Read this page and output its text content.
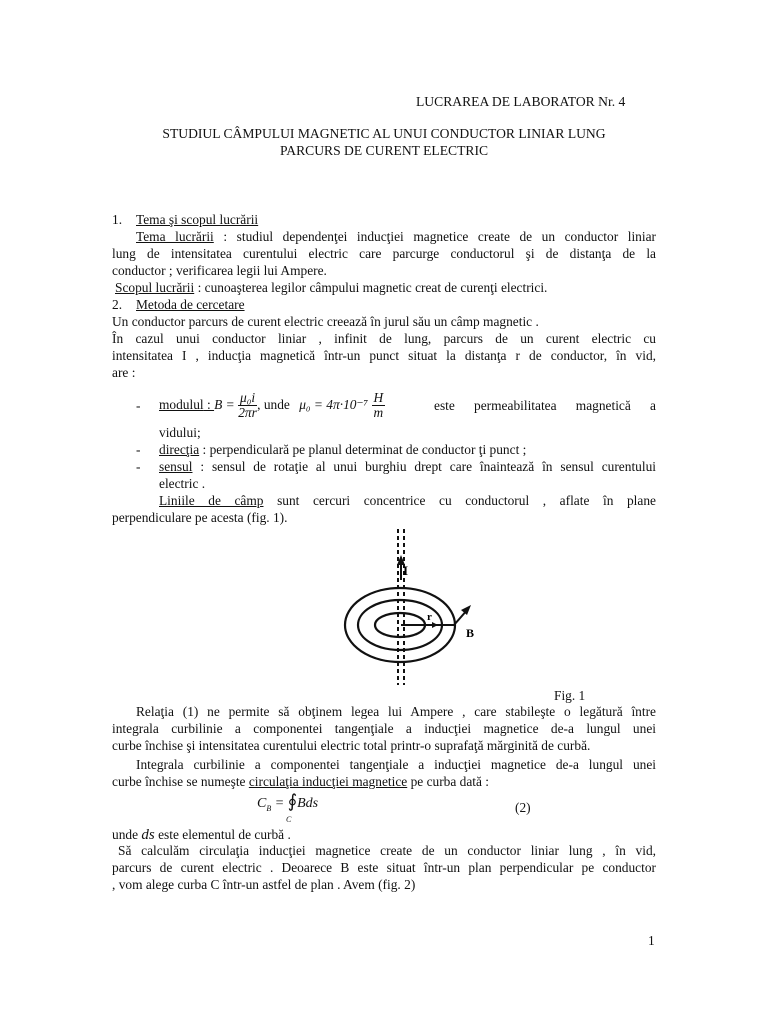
LUCRAREA DE LABORATOR Nr. 4
STUDIUL CÂMPULUI MAGNETIC AL UNUI CONDUCTOR LINIAR LUNG
PARCURS DE CURENT ELECTRIC
1. Tema şi scopul lucrării
Tema lucrării : studiul dependenţei inducţiei magnetice create de un conductor liniar
lung de intensitatea curentului electric care parcurge conductorul şi de distanţa de la
conductor ; verificarea legii lui Ampere.
Scopul lucrării : cunoaşterea legilor câmpului magnetic creat de curenţi electrici.
2. Metoda de cercetare
Un conductor parcurs de curent electric creează în jurul său un câmp magnetic .
În cazul unui conductor liniar , infinit de lung, parcurs de un curent electric cu
intensitatea I , inducţia magnetică într-un punct situat la distanţa r de conductor, în vid,
are :
- modulul : $B = \frac{\text{μ₀i}}{2\pi r}$ , unde $\mu_0 = 4\pi\cdot 10^{-7} \frac{H}{m}$	este permeabilitatea magnetică a
vidului;
- direcţia : perpendiculară pe planul determinat de conductor ţi punct ;
- sensul : sensul de rotaţie al unui burghiu drept care înaintează în sensul curentului
electric .
Liniile de câmp sunt cercuri concentrice cu conductorul , aflate în plane
perpendiculare pe acesta (fig. 1).
I
r
B
Fig. 1
Relaţia (1) ne permite să obţinem legea lui Ampere , care stabileşte o legătură între
integrala curbilinie a componentei tangenţiale a inducţiei magnetice de-a lungul unei
curbe închise şi intensitatea curentului electric total printr-o suprafaţă mărginită de curbă.
Integrala curbilinie a componentei tangenţiale a inducţiei magnetice de-a lungul unei
curbe închise se numeşte circulaţia inducţiei magnetice pe curba dată :
$C_B$ = ∮Bds
C
(2)
unde ds este elementul de curbă .
Să calculăm circulaţia inducţiei magnetice create de un conductor liniar lung , în vid,
parcurs de curent electric . Deoarece B este situat într-un plan perpendicular pe conductor
, vom alege curba C într-un astfel de plan . Avem (fig. 2)
1
